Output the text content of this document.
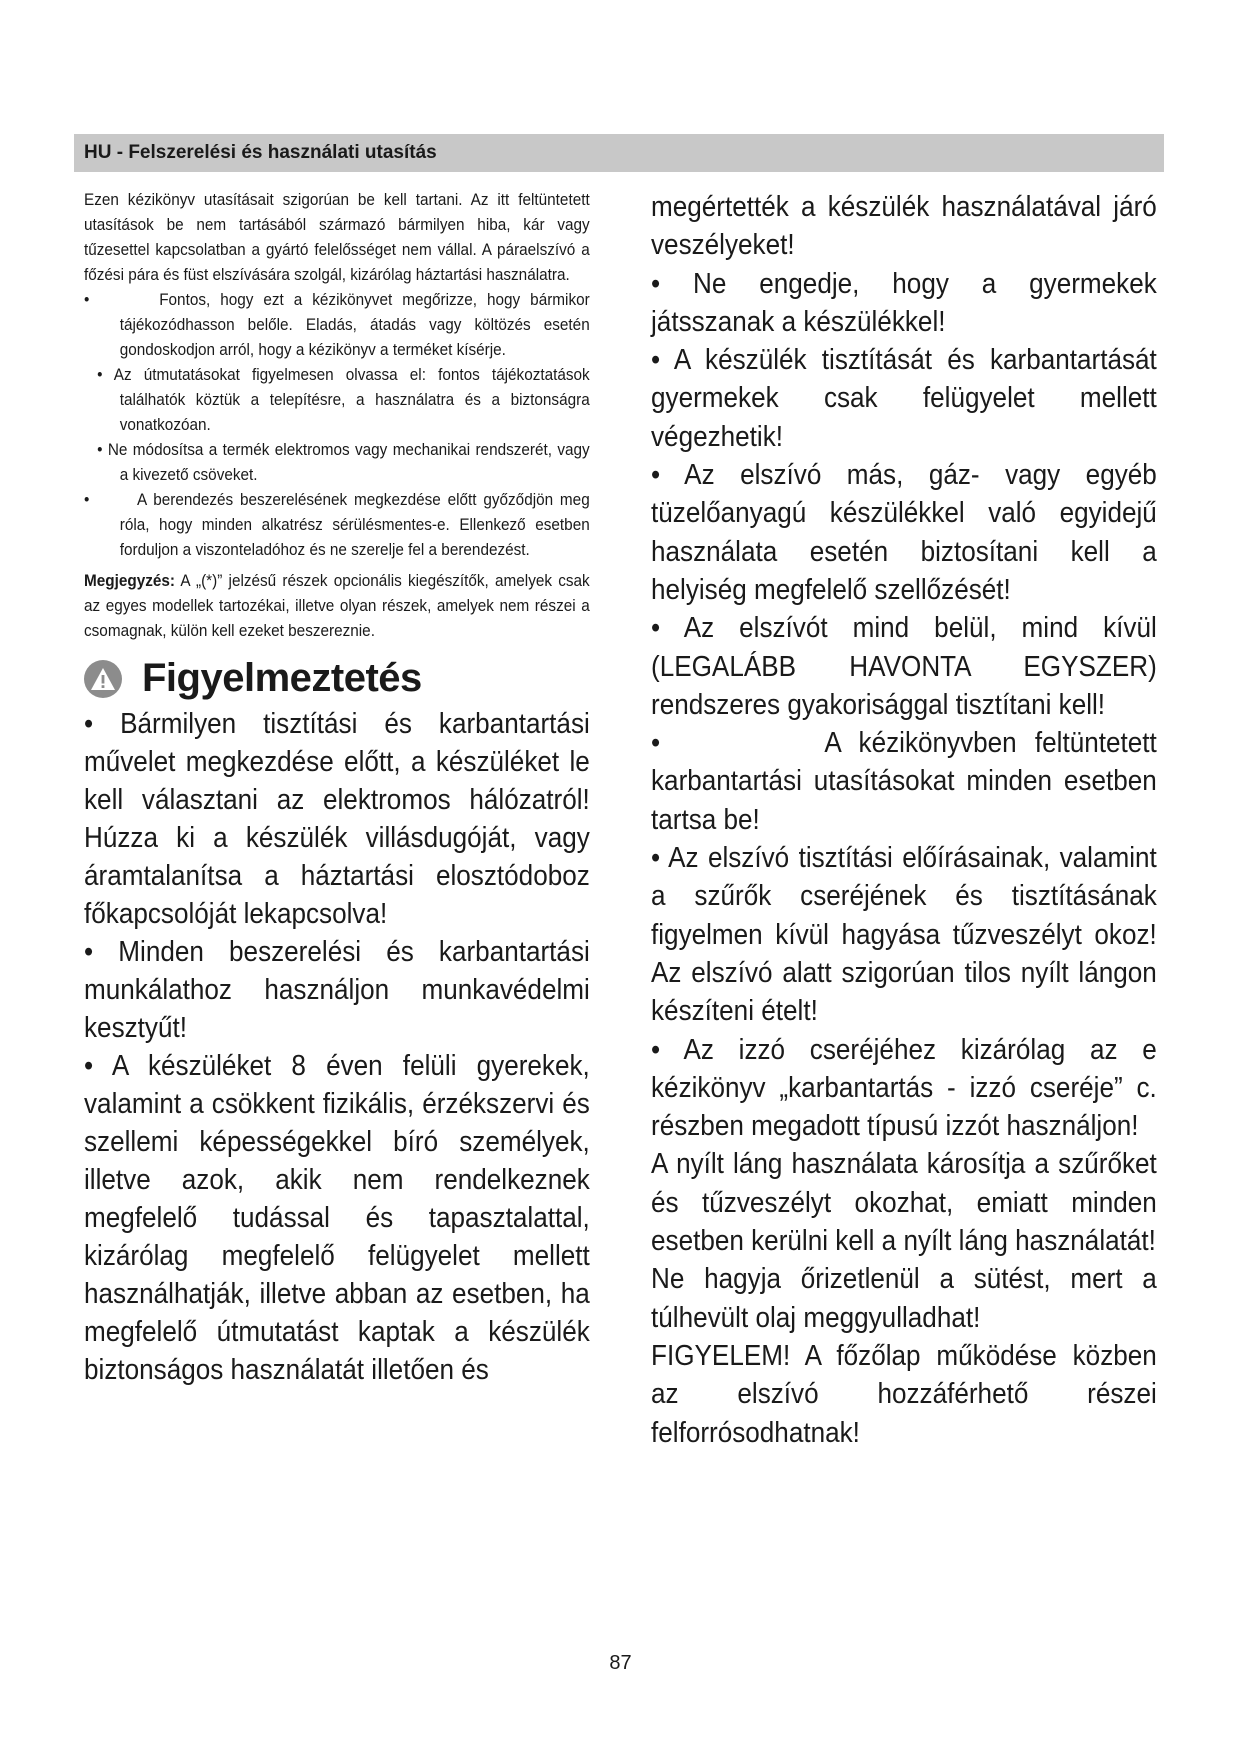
HU - Felszerelési és használati utasítás

Ezen kézikönyv utasításait szigorúan be kell tartani. Az itt feltüntetett utasítások be nem tartásából származó bármilyen hiba, kár vagy tűzesettel kapcsolatban a gyártó felelősséget nem vállal. A páraelszívó a főzési pára és füst elszívására szolgál, kizárólag háztartási használatra.

•       Fontos, hogy ezt a kézikönyvet megőrizze, hogy bármikor tájékozódhasson belőle. Eladás, átadás vagy költözés esetén gondoskodjon arról, hogy a kézikönyv a terméket kísérje.

• Az útmutatásokat figyelmesen olvassa el: fontos tájékoztatások találhatók köztük a telepítésre, a használatra és a biztonságra vonatkozóan.

• Ne módosítsa a termék elektromos vagy mechanikai rendszerét, vagy a kivezető csöveket.

•       A berendezés beszerelésének megkezdése előtt győződjön meg róla, hogy minden alkatrész sérülésmentes-e. Ellenkező esetben forduljon a viszonteladóhoz és ne szerelje fel a berendezést.

Megjegyzés: A „(*)” jelzésű részek opcionális kiegészítők, amelyek csak az egyes modellek tartozékai, illetve olyan részek, amelyek nem részei a csomagnak, külön kell ezeket beszereznie.

Figyelmeztetés

• Bármilyen tisztítási és karbantartási művelet megkezdése előtt, a készüléket le kell választani az elektromos hálózatról! Húzza ki a készülék villásdugóját, vagy áramtalanítsa a háztartási elosztódoboz főkapcsolóját lekapcsolva!

• Minden beszerelési és karbantartási munkálathoz használjon munkavédelmi kesztyűt!

• A készüléket 8 éven felüli gyerekek, valamint a csökkent fizikális, érzékszervi és szellemi képességekkel bíró személyek, illetve azok, akik nem rendelkeznek megfelelő tudással és tapasztalattal, kizárólag megfelelő felügyelet mellett használhatják, illetve abban az esetben, ha megfelelő útmutatást kaptak a készülék biztonságos használatát illetően és

megértették a készülék használatával járó veszélyeket!

• Ne engedje, hogy a gyermekek játsszanak a készülékkel!

• A készülék tisztítását és karbantartását gyermekek csak felügyelet mellett végezhetik!

• Az elszívó más, gáz- vagy egyéb tüzelőanyagú készülékkel való egyidejű használata esetén biztosítani kell a helyiség megfelelő szellőzését!

• Az elszívót mind belül, mind kívül (LEGALÁBB HAVONTA EGYSZER) rendszeres gyakorisággal tisztítani kell!

•         A kézikönyvben feltüntetett karbantartási utasításokat minden esetben tartsa be!

• Az elszívó tisztítási előírásainak, valamint a szűrők cseréjének és tisztításának figyelmen kívül hagyása tűzveszélyt okoz! Az elszívó alatt szigorúan tilos nyílt lángon készíteni ételt!

• Az izzó cseréjéhez kizárólag az e kézikönyv „karbantartás - izzó cseréje” c. részben megadott típusú izzót használjon!

A nyílt láng használata károsítja a szűrőket és tűzveszélyt okozhat, emiatt minden esetben kerülni kell a nyílt láng használatát!

Ne hagyja őrizetlenül a sütést, mert a túlhevült olaj meggyulladhat!

FIGYELEM! A főzőlap működése közben az elszívó hozzáférhető részei felforrósodhatnak!

87
